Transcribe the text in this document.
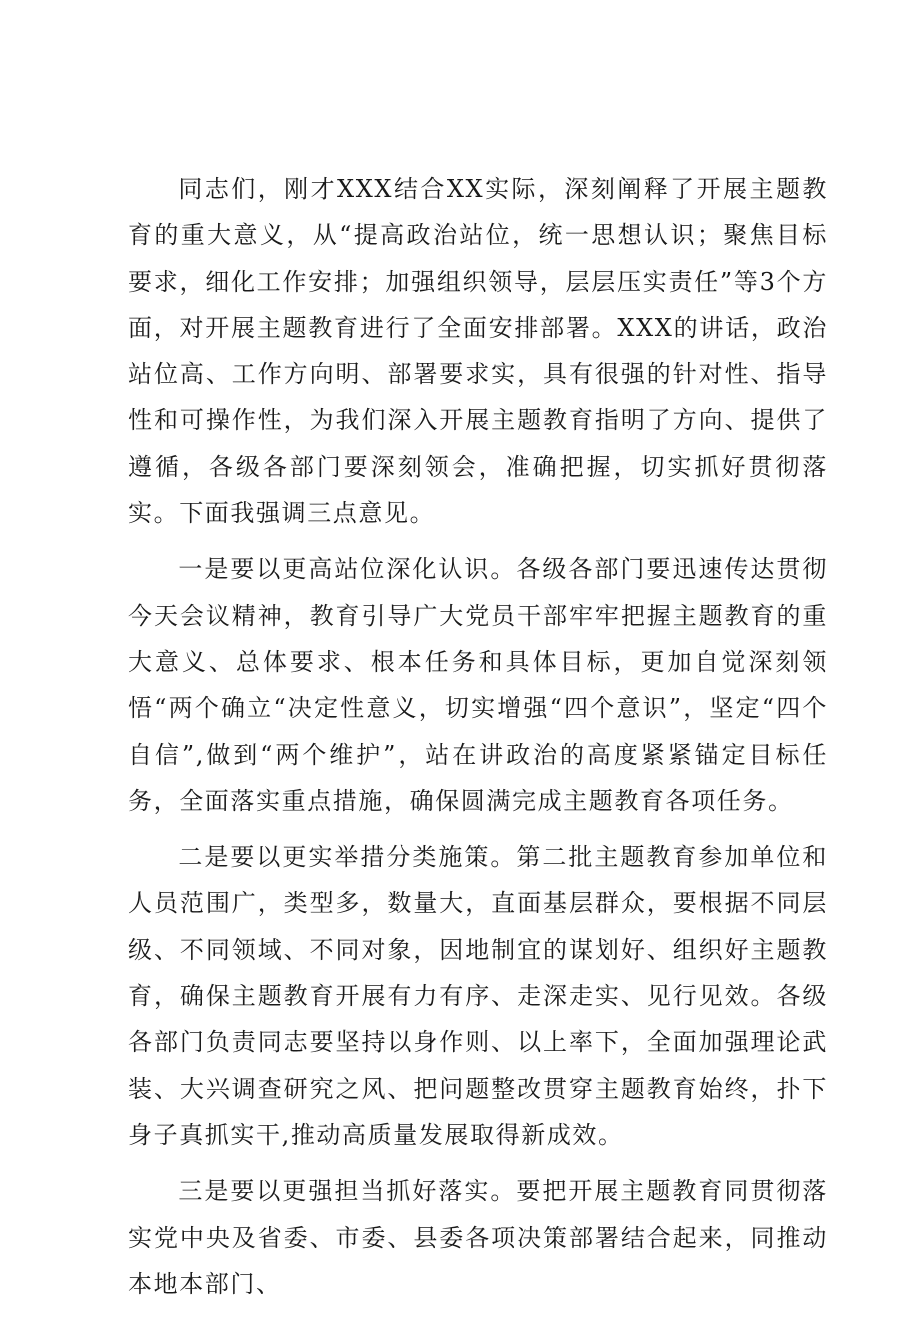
同志们，刚才XXX结合XX实际，深刻阐释了开展主题教育的重大意义，从“提高政治站位，统一思想认识；聚焦目标要求，细化工作安排；加强组织领导，层层压实责任”等3个方面，对开展主题教育进行了全面安排部署。XXX的讲话，政治站位高、工作方向明、部署要求实，具有很强的针对性、指导性和可操作性，为我们深入开展主题教育指明了方向、提供了遵循，各级各部门要深刻领会，准确把握，切实抓好贯彻落实。下面我强调三点意见。

一是要以更高站位深化认识。各级各部门要迅速传达贯彻今天会议精神，教育引导广大党员干部牢牢把握主题教育的重大意义、总体要求、根本任务和具体目标，更加自觉深刻领悟“两个确立“决定性意义，切实增强“四个意识”，坚定“四个自信”,做到“两个维护”，站在讲政治的高度紧紧锚定目标任务，全面落实重点措施，确保圆满完成主题教育各项任务。

二是要以更实举措分类施策。第二批主题教育参加单位和人员范围广，类型多，数量大，直面基层群众，要根据不同层级、不同领域、不同对象，因地制宜的谋划好、组织好主题教育，确保主题教育开展有力有序、走深走实、见行见效。各级各部门负责同志要坚持以身作则、以上率下，全面加强理论武装、大兴调查研究之风、把问题整改贯穿主题教育始终，扑下身子真抓实干,推动高质量发展取得新成效。

三是要以更强担当抓好落实。要把开展主题教育同贯彻落实党中央及省委、市委、县委各项决策部署结合起来，同推动本地本部门、
